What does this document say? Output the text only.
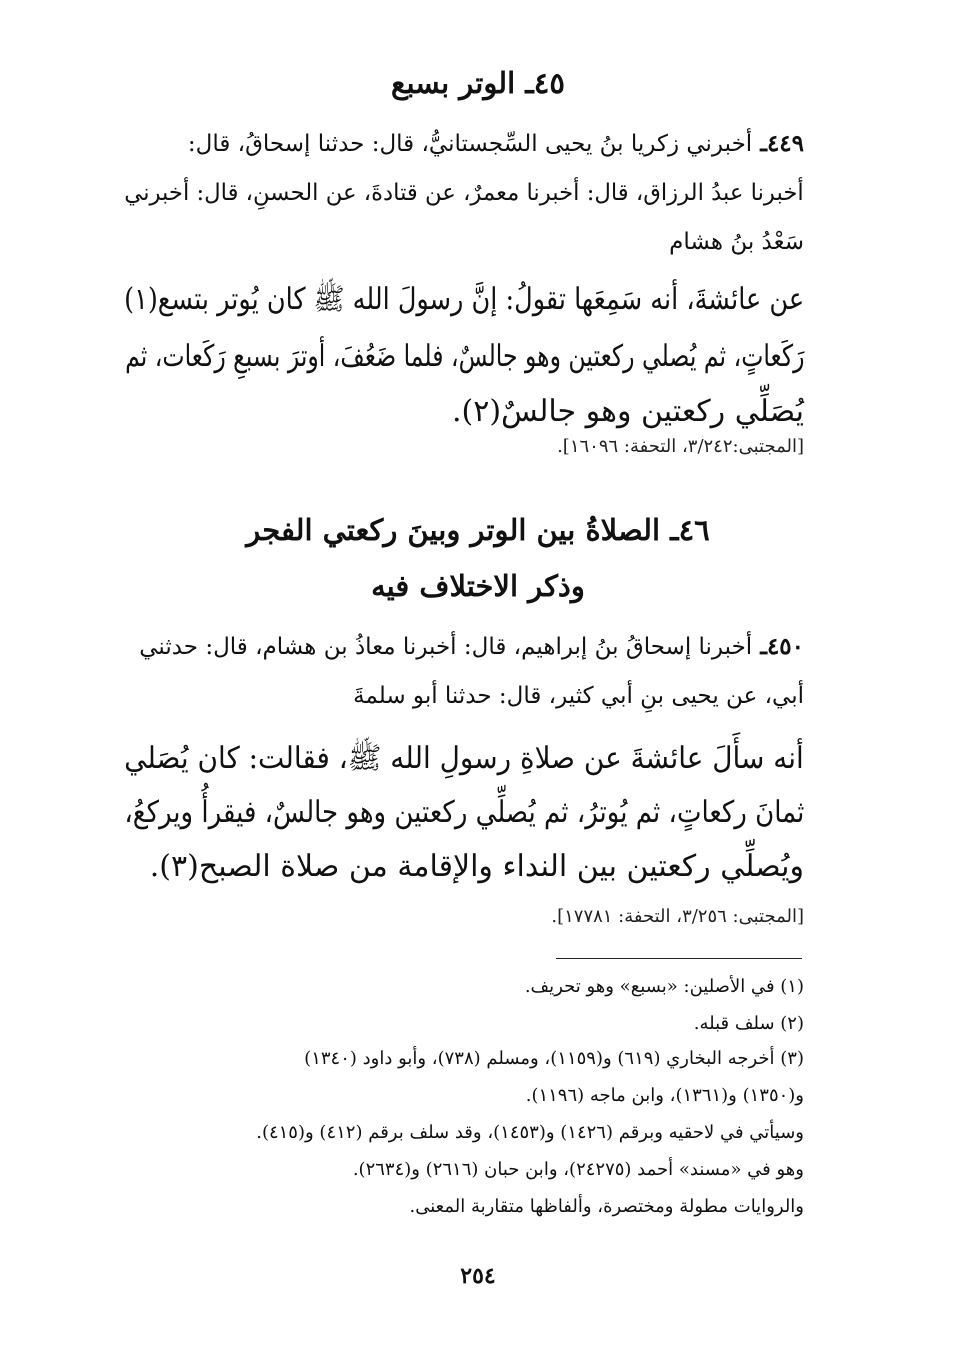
٤٥ـ الوتر بسبع
٤٤٩ـ أخبرني زكريا بنُ يحيى السِّجستانيُّ، قال: حدثنا إسحاقُ، قال:
أخبرنا عبدُ الرزاق، قال: أخبرنا معمرٌ، عن قتادةَ، عن الحسنِ، قال: أخبرني
سَعْدُ بنُ هشام
عن عائشةَ، أنه سَمِعَها تقولُ: إنَّ رسولَ الله ﷺ كان يُوتر بتسع(١)
رَكَعاتٍ، ثم يُصلي ركعتين وهو جالسٌ، فلما ضَعُفَ، أوترَ بسبعِ رَكَعات، ثم
يُصَلِّي ركعتين وهو جالسٌ(٢).
[المجتبى:٣/٢٤٢، التحفة: ١٦٠٩٦].
٤٦ـ الصلاةُ بين الوتر وبينَ ركعتي الفجر
وذكر الاختلاف فيه
٤٥٠ـ أخبرنا إسحاقُ بنُ إبراهيم، قال: أخبرنا معاذُ بن هشام، قال: حدثني
أبي، عن يحيى بنِ أبي كثير، قال: حدثنا أبو سلمةَ
أنه سأَلَ عائشةَ عن صلاةِ رسولِ الله ﷺ، فقالت: كان يُصَلي
ثمانَ ركعاتٍ، ثم يُوترُ، ثم يُصلِّي ركعتين وهو جالسٌ، فيقرأُ ويركعُ،
ويُصلِّي ركعتين بين النداء والإقامة من صلاة الصبح(٣).
[المجتبى: ٣/٢٥٦، التحفة: ١٧٧٨١].
(١) في الأصلين: «بسبع» وهو تحريف.
(٢) سلف قبله.
(٣) أخرجه البخاري (٦١٩) و(١١٥٩)، ومسلم (٧٣٨)، وأبو داود (١٣٤٠)
و(١٣٥٠) و(١٣٦١)، وابن ماجه (١١٩٦).
وسيأتي في لاحقيه وبرقم (١٤٢٦) و(١٤٥٣)، وقد سلف برقم (٤١٢) و(٤١٥).
وهو في «مسند» أحمد (٢٤٢٧٥)، وابن حبان (٢٦١٦) و(٢٦٣٤).
والروايات مطولة ومختصرة، وألفاظها متقاربة المعنى.
٢٥٤
